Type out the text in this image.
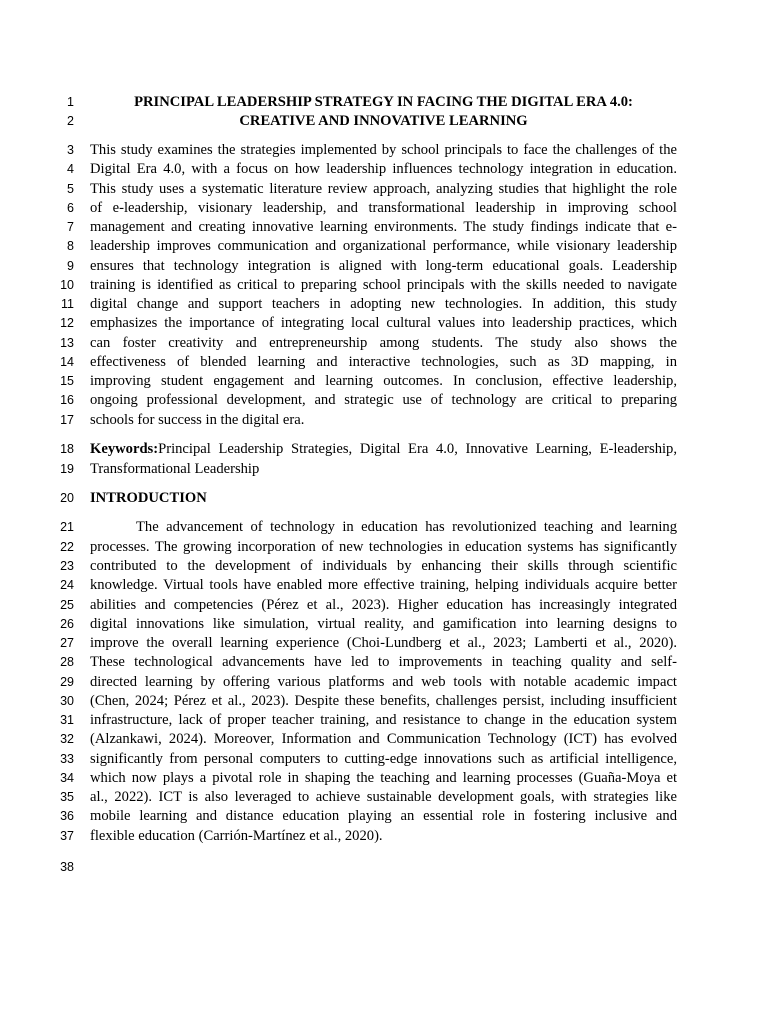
1
2
3
4
5
6
7
8
9
10
11
12
13
14
15
16
17
18
19
20
21
22
23
24
25
26
27
28
29
30
31
32
33
34
35
36
37
38
PRINCIPAL LEADERSHIP STRATEGY IN FACING THE DIGITAL ERA 4.0:
CREATIVE AND INNOVATIVE LEARNING
This study examines the strategies implemented by school principals to face the challenges of the
Digital Era 4.0, with a focus on how leadership influences technology integration in education.
This study uses a systematic literature review approach, analyzing studies that highlight the role
of e-leadership, visionary leadership, and transformational leadership in improving school
management and creating innovative learning environments. The study findings indicate that e-
leadership improves communication and organizational performance, while visionary leadership
ensures that technology integration is aligned with long-term educational goals. Leadership
training is identified as critical to preparing school principals with the skills needed to navigate
digital change and support teachers in adopting new technologies. In addition, this study
emphasizes the importance of integrating local cultural values into leadership practices, which
can foster creativity and entrepreneurship among students. The study also shows the
effectiveness of blended learning and interactive technologies, such as 3D mapping, in
improving student engagement and learning outcomes. In conclusion, effective leadership,
ongoing professional development, and strategic use of technology are critical to preparing
schools for success in the digital era.
Keywords:Principal Leadership Strategies, Digital Era 4.0, Innovative Learning, E-leadership,
Transformational Leadership
INTRODUCTION
The advancement of technology in education has revolutionized teaching and learning
processes. The growing incorporation of new technologies in education systems has significantly
contributed to the development of individuals by enhancing their skills through scientific
knowledge. Virtual tools have enabled more effective training, helping individuals acquire better
abilities and competencies (Pérez et al., 2023). Higher education has increasingly integrated
digital innovations like simulation, virtual reality, and gamification into learning designs to
improve the overall learning experience (Choi-Lundberg et al., 2023; Lamberti et al., 2020).
These technological advancements have led to improvements in teaching quality and self-
directed learning by offering various platforms and web tools with notable academic impact
(Chen, 2024; Pérez et al., 2023). Despite these benefits, challenges persist, including insufficient
infrastructure, lack of proper teacher training, and resistance to change in the education system
(Alzankawi, 2024). Moreover, Information and Communication Technology (ICT) has evolved
significantly from personal computers to cutting-edge innovations such as artificial intelligence,
which now plays a pivotal role in shaping the teaching and learning processes (Guaña-Moya et
al., 2022). ICT is also leveraged to achieve sustainable development goals, with strategies like
mobile learning and distance education playing an essential role in fostering inclusive and
flexible education (Carrión-Martínez et al., 2020).
